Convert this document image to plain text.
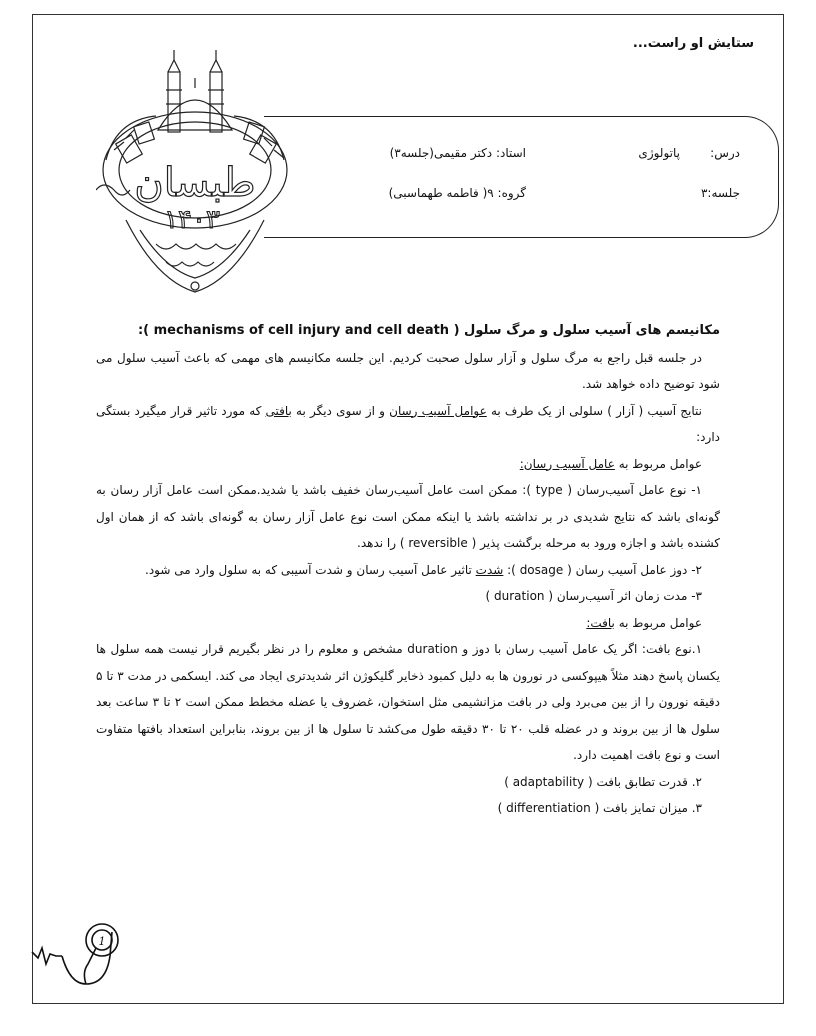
ستایش او راست...
درس:
پاتولوژی
استاد: دکتر مقیمی(جلسه۳)
جلسه:۳
گروه: ۹( فاطمه طهماسبی)
طبسان
۱۴۰۳

مکانیسم های آسیب سلول و مرگ سلول ( mechanisms of cell injury and cell death ):

در جلسه قبل راجع به مرگ سلول و آزار سلول صحبت کردیم. این جلسه مکانیسم های مهمی که باعث آسیب سلول می شود توضیح داده خواهد شد.

نتایج آسیب ( آزار ) سلولی از یک طرف به عوامل آسیب رسان و از سوی دیگر به بافتی که مورد تاثیر قرار میگیرد بستگی دارد:

عوامل مربوط به عامل آسیب رسان:

۱- نوع عامل آسیب‌رسان ( type ): ممکن است عامل آسیب‌رسان خفیف باشد یا شدید.ممکن است عامل آزار رسان به گونه‌ای باشد که نتایج شدیدی در بر نداشته باشد یا اینکه ممکن است نوع عامل آزار رسان به گونه‌ای باشد که از همان اول کشنده باشد و اجازه ورود به مرحله برگشت پذیر ( reversible ) را ندهد.

۲- دوز عامل آسیب رسان ( dosage ): شدت تاثیر عامل آسیب رسان و شدت آسیبی که به سلول وارد می شود.

۳- مدت زمان اثر آسیب‌رسان ( duration )

عوامل مربوط به بافت:

۱.نوع بافت: اگر یک عامل آسیب رسان با دوز و duration مشخص و معلوم را در نظر بگیریم قرار نیست همه سلول ها یکسان پاسخ دهند مثلاً هیپوکسی در نورون ها به دلیل کمبود ذخایر گلیکوژن اثر شدیدتری ایجاد می کند. ایسکمی در مدت ۳ تا ۵ دقیقه نورون را از بین می‌برد ولی در بافت مزانشیمی مثل استخوان، غضروف یا عضله مخطط ممکن است ۲ تا ۳ ساعت بعد سلول ها از بین بروند و در عضله قلب ۲۰ تا ۳۰ دقیقه طول می‌کشد تا سلول ها از بین بروند، بنابراین استعداد بافتها متفاوت است و نوع بافت اهمیت دارد.

۲. قدرت تطابق بافت ( adaptability )

۳. میزان تمایز بافت ( differentiation )

1
